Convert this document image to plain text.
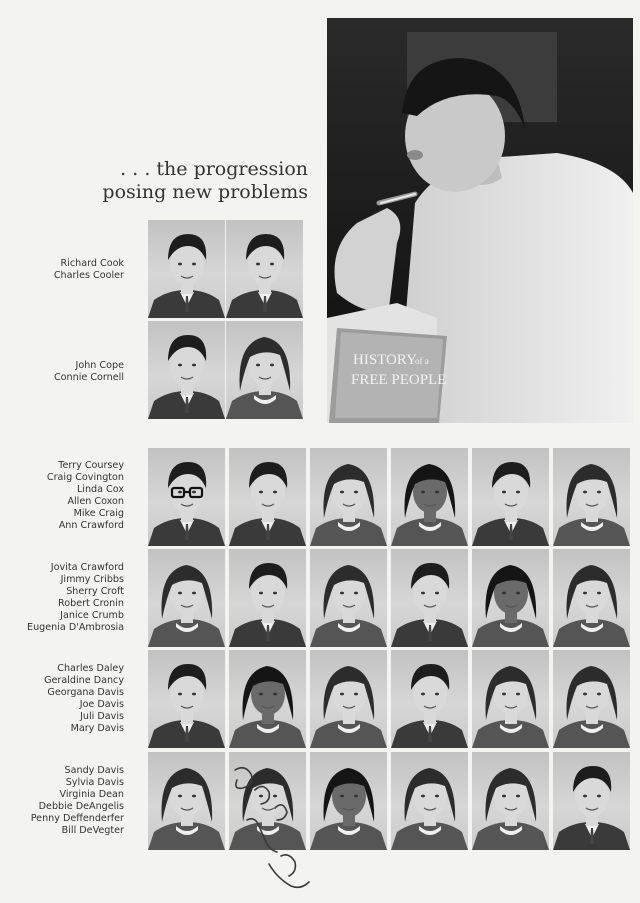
. . . the progression
posing new problems
HISTORY
of a
FREE PEOPLE
Richard Cook
Charles Cooler
John Cope
Connie Cornell
Terry Coursey
Craig Covington
Linda Cox
Allen Coxon
Mike Craig
Ann Crawford
Jovita Crawford
Jimmy Cribbs
Sherry Croft
Robert Cronin
Janice Crumb
Eugenia D'Ambrosia
Charles Daley
Geraldine Dancy
Georgana Davis
Joe Davis
Juli Davis
Mary Davis
Sandy Davis
Sylvia Davis
Virginia Dean
Debbie DeAngelis
Penny Deffenderfer
Bill DeVegter
